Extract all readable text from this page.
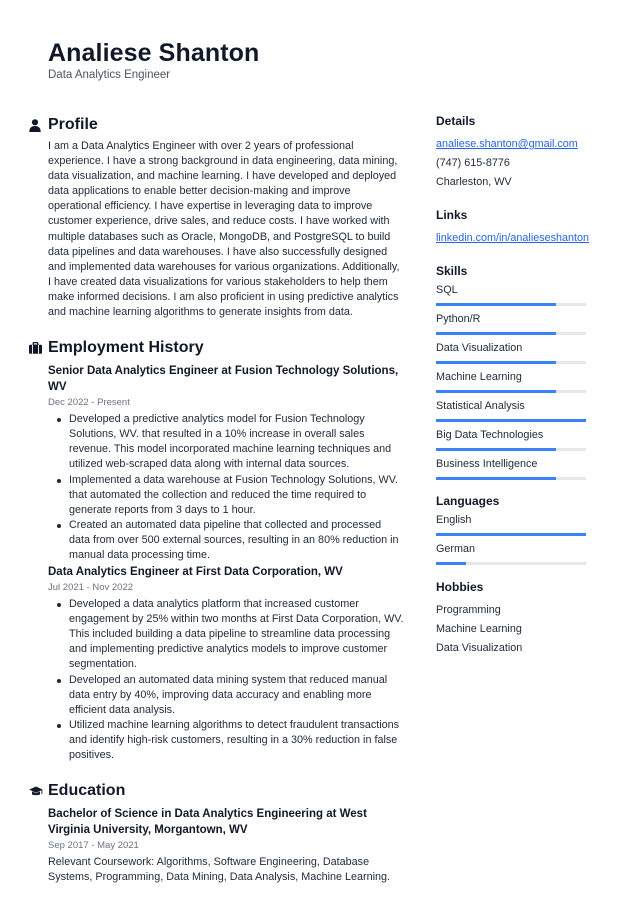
Analiese Shanton
Data Analytics Engineer
Profile
I am a Data Analytics Engineer with over 2 years of professional experience. I have a strong background in data engineering, data mining, data visualization, and machine learning. I have developed and deployed data applications to enable better decision-making and improve operational efficiency. I have expertise in leveraging data to improve customer experience, drive sales, and reduce costs. I have worked with multiple databases such as Oracle, MongoDB, and PostgreSQL to build data pipelines and data warehouses. I have also successfully designed and implemented data warehouses for various organizations. Additionally, I have created data visualizations for various stakeholders to help them make informed decisions. I am also proficient in using predictive analytics and machine learning algorithms to generate insights from data.
Employment History
Senior Data Analytics Engineer at Fusion Technology Solutions, WV
Dec 2022 - Present
Developed a predictive analytics model for Fusion Technology Solutions, WV. that resulted in a 10% increase in overall sales revenue. This model incorporated machine learning techniques and utilized web-scraped data along with internal data sources.
Implemented a data warehouse at Fusion Technology Solutions, WV. that automated the collection and reduced the time required to generate reports from 3 days to 1 hour.
Created an automated data pipeline that collected and processed data from over 500 external sources, resulting in an 80% reduction in manual data processing time.
Data Analytics Engineer at First Data Corporation, WV
Jul 2021 - Nov 2022
Developed a data analytics platform that increased customer engagement by 25% within two months at First Data Corporation, WV. This included building a data pipeline to streamline data processing and implementing predictive analytics models to improve customer segmentation.
Developed an automated data mining system that reduced manual data entry by 40%, improving data accuracy and enabling more efficient data analysis.
Utilized machine learning algorithms to detect fraudulent transactions and identify high-risk customers, resulting in a 30% reduction in false positives.
Education
Bachelor of Science in Data Analytics Engineering at West Virginia University, Morgantown, WV
Sep 2017 - May 2021
Relevant Coursework: Algorithms, Software Engineering, Database Systems, Programming, Data Mining, Data Analysis, Machine Learning.
Details
analiese.shanton@gmail.com
(747) 615-8776
Charleston, WV
Links
linkedin.com/in/analieseshanton
Skills
SQL
Python/R
Data Visualization
Machine Learning
Statistical Analysis
Big Data Technologies
Business Intelligence
Languages
English
German
Hobbies
Programming
Machine Learning
Data Visualization
